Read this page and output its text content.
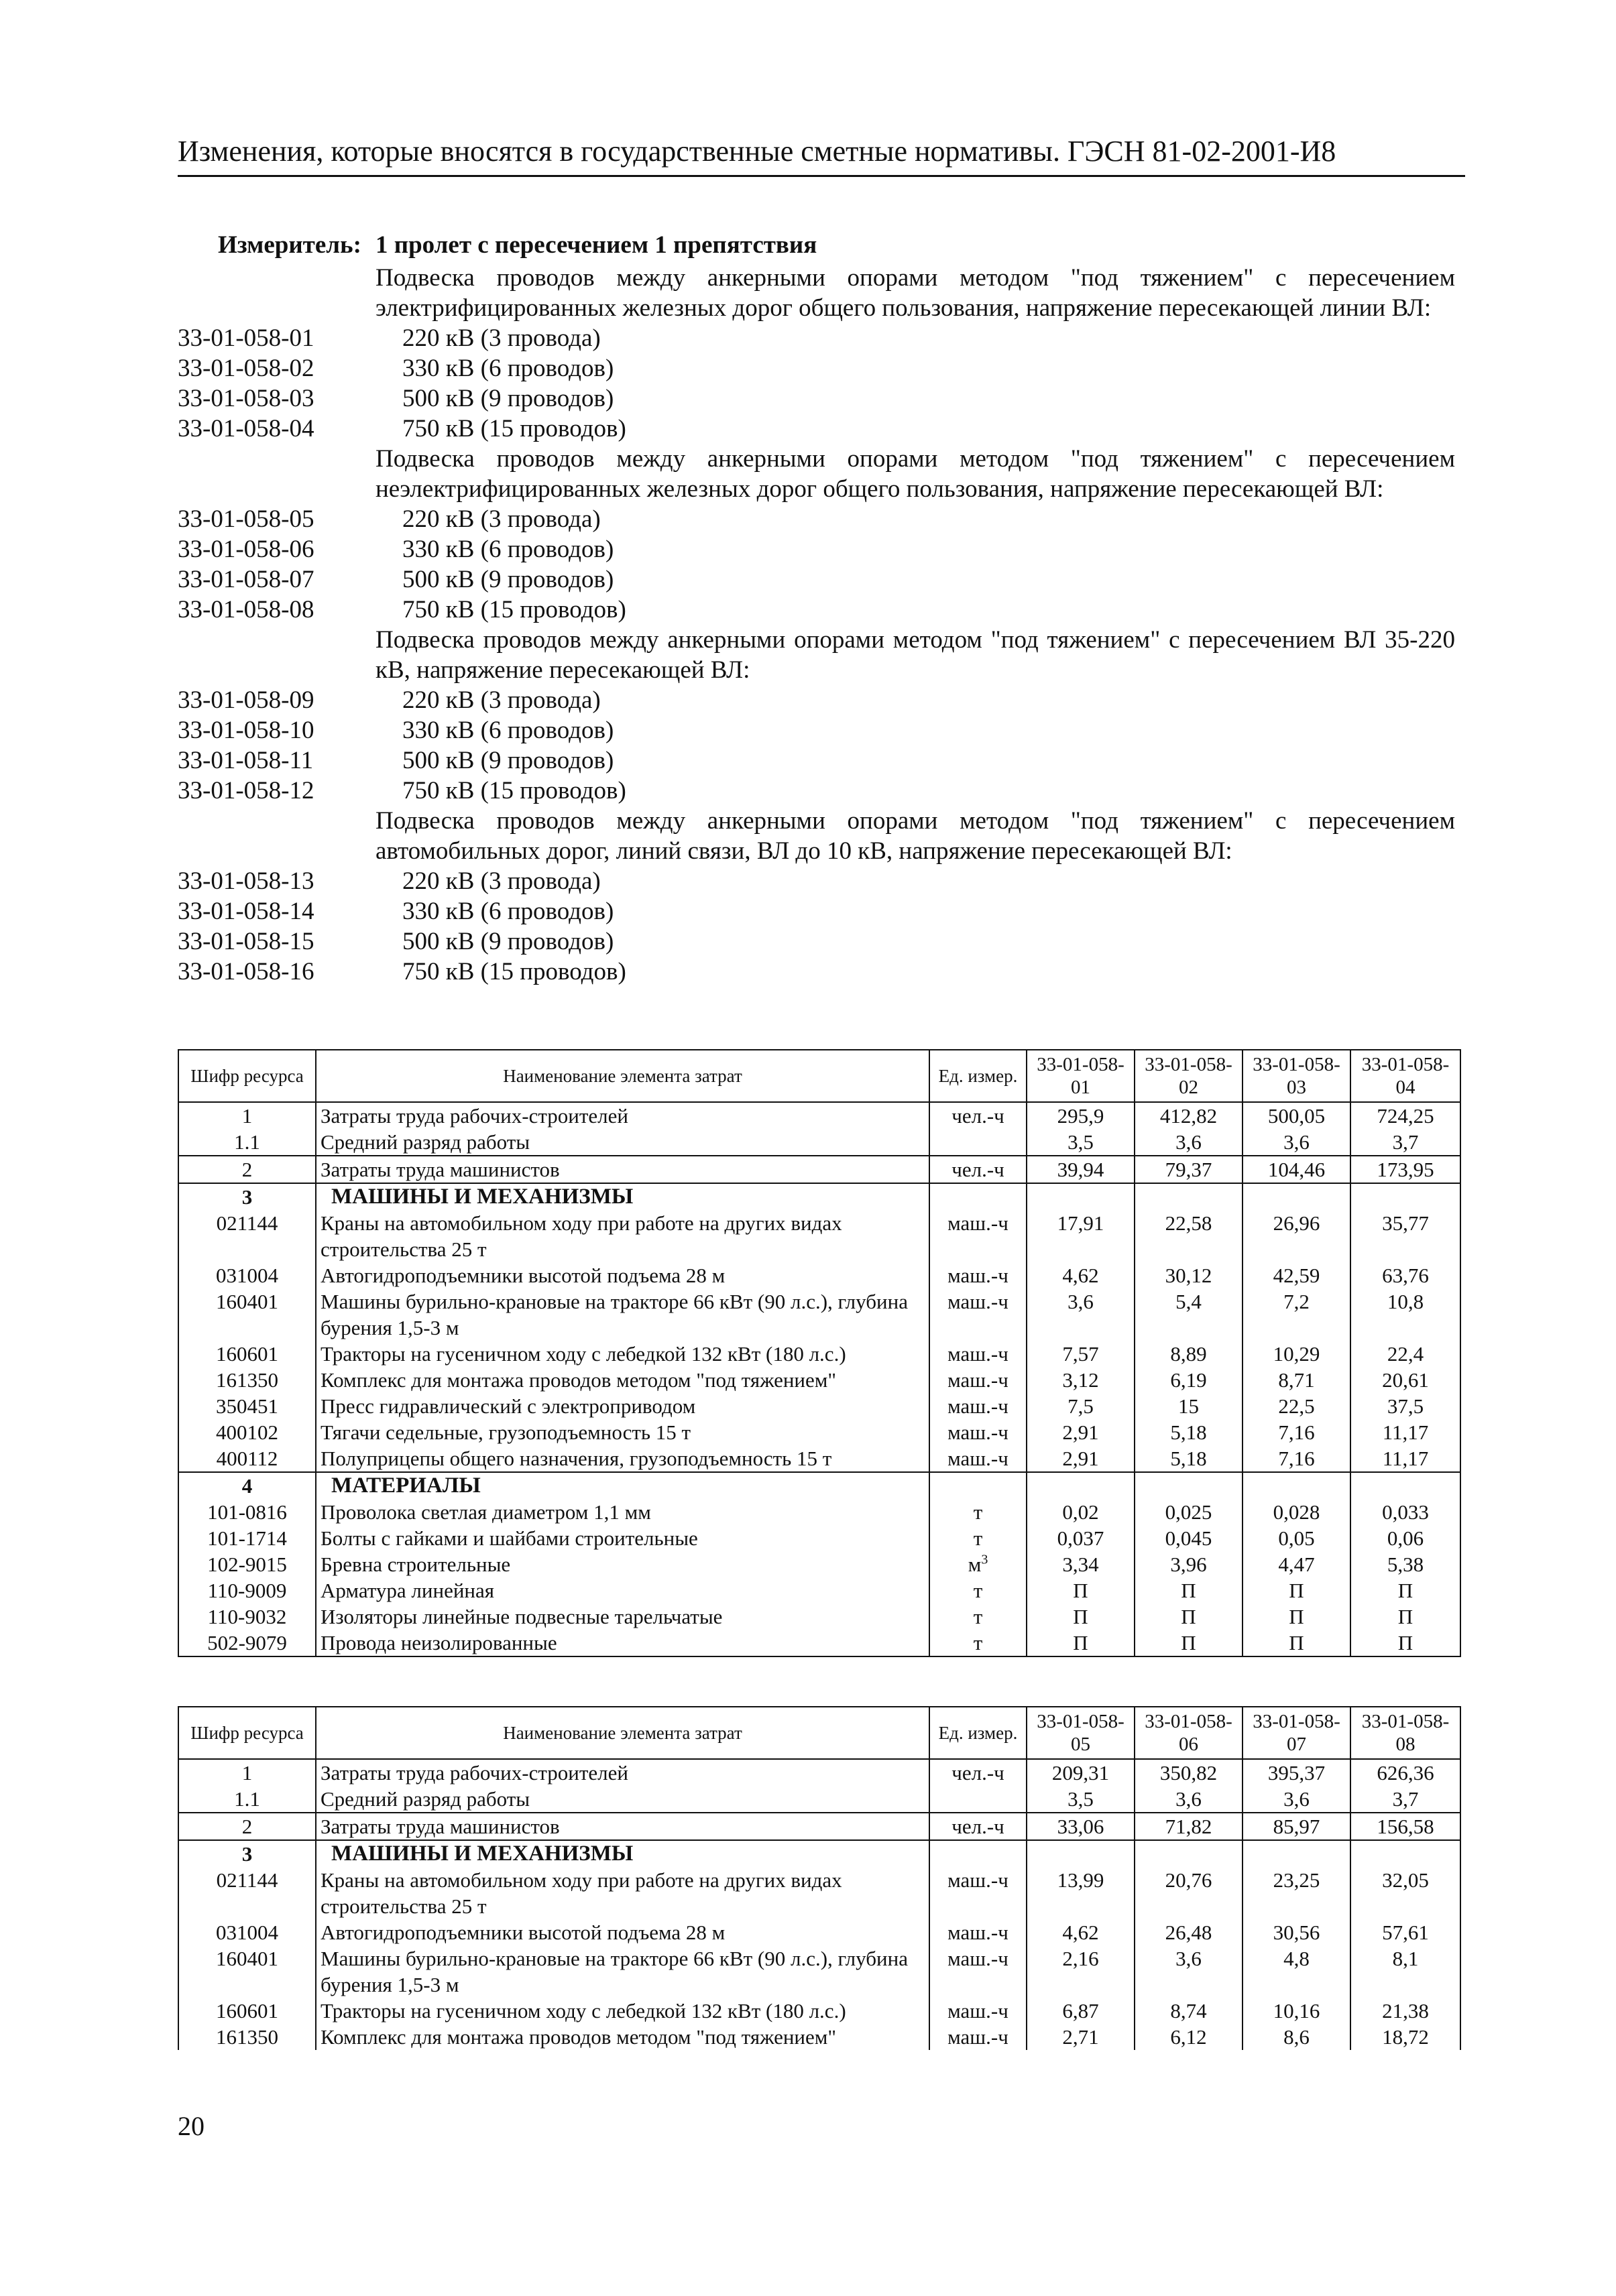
Изменения, которые вносятся в государственные сметные нормативы. ГЭСН 81-02-2001-И8
Измеритель: 1 пролет с пересечением 1 препятствия
Подвеска проводов между анкерными опорами методом "под тяжением" с пересечением электрифицированных железных дорог общего пользования, напряжение пересекающей линии ВЛ:
33-01-058-01	220 кВ (3 провода)
33-01-058-02	330 кВ (6 проводов)
33-01-058-03	500 кВ (9 проводов)
33-01-058-04	750 кВ (15 проводов)
Подвеска проводов между анкерными опорами методом "под тяжением" с пересечением неэлектрифицированных железных дорог общего пользования, напряжение пересекающей ВЛ:
33-01-058-05	220 кВ (3 провода)
33-01-058-06	330 кВ (6 проводов)
33-01-058-07	500 кВ (9 проводов)
33-01-058-08	750 кВ (15 проводов)
Подвеска проводов между анкерными опорами методом "под тяжением" с пересечением ВЛ 35-220 кВ, напряжение пересекающей ВЛ:
33-01-058-09	220 кВ (3 провода)
33-01-058-10	330 кВ (6 проводов)
33-01-058-11	500 кВ (9 проводов)
33-01-058-12	750 кВ (15 проводов)
Подвеска проводов между анкерными опорами методом "под тяжением" с пересечением автомобильных дорог, линий связи, ВЛ до 10 кВ, напряжение пересекающей ВЛ:
33-01-058-13	220 кВ (3 провода)
33-01-058-14	330 кВ (6 проводов)
33-01-058-15	500 кВ (9 проводов)
33-01-058-16	750 кВ (15 проводов)
Шифр ресурса	Наименование элемента затрат	Ед. измер.	33-01-058-01	33-01-058-02	33-01-058-03	33-01-058-04
1	Затраты труда рабочих-строителей	чел.-ч	295,9	412,82	500,05	724,25
1.1	Средний разряд работы		3,5	3,6	3,6	3,7
2	Затраты труда машинистов	чел.-ч	39,94	79,37	104,46	173,95
3	МАШИНЫ И МЕХАНИЗМЫ					
021144	Краны на автомобильном ходу при работе на других видах строительства 25 т	маш.-ч	17,91	22,58	26,96	35,77
031004	Автогидроподъемники высотой подъема 28 м	маш.-ч	4,62	30,12	42,59	63,76
160401	Машины бурильно-крановые на тракторе 66 кВт (90 л.с.), глубина бурения 1,5-3 м	маш.-ч	3,6	5,4	7,2	10,8
160601	Тракторы на гусеничном ходу с лебедкой 132 кВт (180 л.с.)	маш.-ч	7,57	8,89	10,29	22,4
161350	Комплекс для монтажа проводов методом "под тяжением"	маш.-ч	3,12	6,19	8,71	20,61
350451	Пресс гидравлический с электроприводом	маш.-ч	7,5	15	22,5	37,5
400102	Тягачи седельные, грузоподъемность 15 т	маш.-ч	2,91	5,18	7,16	11,17
400112	Полуприцепы общего назначения, грузоподъемность 15 т	маш.-ч	2,91	5,18	7,16	11,17
4	МАТЕРИАЛЫ					
101-0816	Проволока светлая диаметром 1,1 мм	т	0,02	0,025	0,028	0,033
101-1714	Болты с гайками и шайбами строительные	т	0,037	0,045	0,05	0,06
102-9015	Бревна строительные	$м^3$	3,34	3,96	4,47	5,38
110-9009	Арматура линейная	т	П	П	П	П
110-9032	Изоляторы линейные подвесные тарельчатые	т	П	П	П	П
502-9079	Провода неизолированные	т	П	П	П	П
Шифр ресурса	Наименование элемента затрат	Ед. измер.	33-01-058-05	33-01-058-06	33-01-058-07	33-01-058-08
1	Затраты труда рабочих-строителей	чел.-ч	209,31	350,82	395,37	626,36
1.1	Средний разряд работы		3,5	3,6	3,6	3,7
2	Затраты труда машинистов	чел.-ч	33,06	71,82	85,97	156,58
3	МАШИНЫ И МЕХАНИЗМЫ					
021144	Краны на автомобильном ходу при работе на других видах строительства 25 т	маш.-ч	13,99	20,76	23,25	32,05
031004	Автогидроподъемники высотой подъема 28 м	маш.-ч	4,62	26,48	30,56	57,61
160401	Машины бурильно-крановые на тракторе 66 кВт (90 л.с.), глубина бурения 1,5-3 м	маш.-ч	2,16	3,6	4,8	8,1
160601	Тракторы на гусеничном ходу с лебедкой 132 кВт (180 л.с.)	маш.-ч	6,87	8,74	10,16	21,38
161350	Комплекс для монтажа проводов методом "под тяжением"	маш.-ч	2,71	6,12	8,6	18,72
20
